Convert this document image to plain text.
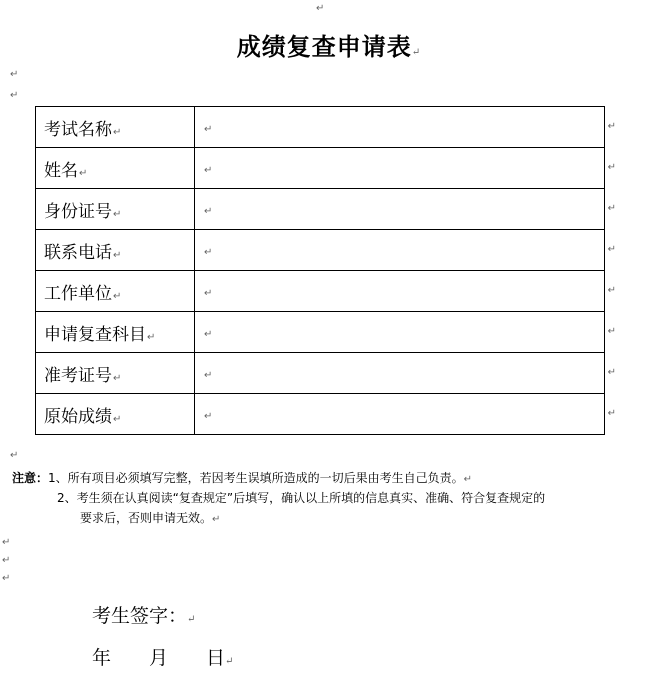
↵
↵
↵
成绩复查申请表↵
考试名称↵	↵ ↵

姓名↵	↵ ↵

身份证号↵	↵ ↵

联系电话↵	↵ ↵

工作单位↵	↵ ↵

申请复查科目↵	↵ ↵

准考证号↵	↵ ↵

原始成绩↵	↵ ↵
↵
注意：1、所有项目必须填写完整，若因考生误填所造成的一切后果由考生自己负责。↵
2、考生须在认真阅读“复查规定”后填写，确认以上所填的信息真实、准确、符合复查规定的
要求后，否则申请无效。↵
↵
↵
↵
考生签字：↵
年 月 日↵
